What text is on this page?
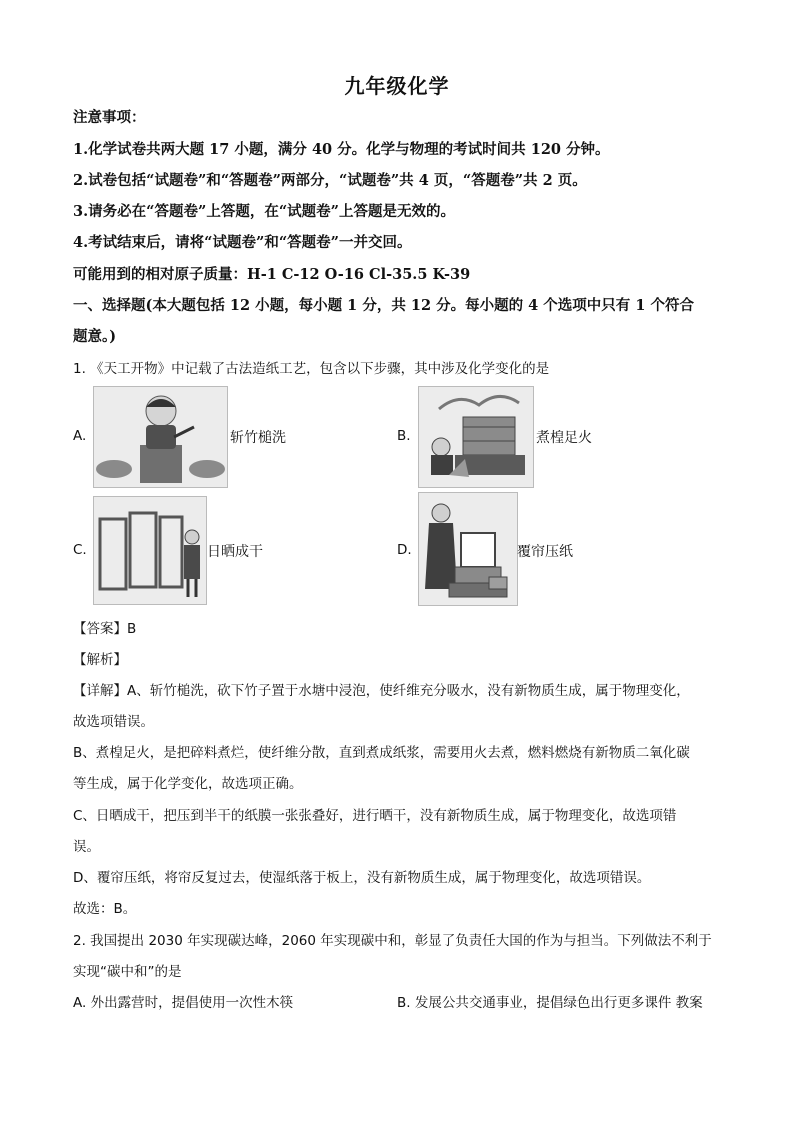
九年级化学
注意事项：
1.化学试卷共两大题 17 小题，满分 40 分。化学与物理的考试时间共 120 分钟。
2.试卷包括“试题卷”和“答题卷”两部分，“试题卷”共 4 页，“答题卷”共 2 页。
3.请务必在“答题卷”上答题，在“试题卷”上答题是无效的。
4.考试结束后，请将“试题卷”和“答题卷”一并交回。
可能用到的相对原子质量：H-1 C-12 O-16 Cl-35.5 K-39
一、选择题(本大题包括 12 小题，每小题 1 分，共 12 分。每小题的 4 个选项中只有 1 个符合
题意。)
1. 《天工开物》中记载了古法造纸工艺，包含以下步骤，其中涉及化学变化的是
A.	斩竹槌洗	B.	煮楻足火
C.	日晒成干	D.	覆帘压纸
【答案】B
【解析】
【详解】A、斩竹槌洗，砍下竹子置于水塘中浸泡，使纤维充分吸水，没有新物质生成，属于物理变化，
故选项错误。
B、煮楻足火，是把碎料煮烂，使纤维分散，直到煮成纸浆，需要用火去煮，燃料燃烧有新物质二氧化碳
等生成，属于化学变化，故选项正确。
C、日晒成干，把压到半干的纸膜一张张叠好，进行晒干，没有新物质生成，属于物理变化，故选项错
误。
D、覆帘压纸，将帘反复过去，使湿纸落于板上，没有新物质生成，属于物理变化，故选项错误。
故选：B。
2. 我国提出 2030 年实现碳达峰，2060 年实现碳中和，彰显了负责任大国的作为与担当。下列做法不利于
实现“碳中和”的是
A. 外出露营时，提倡使用一次性木筷	B. 发展公共交通事业，提倡绿色出行更多课件 教案
